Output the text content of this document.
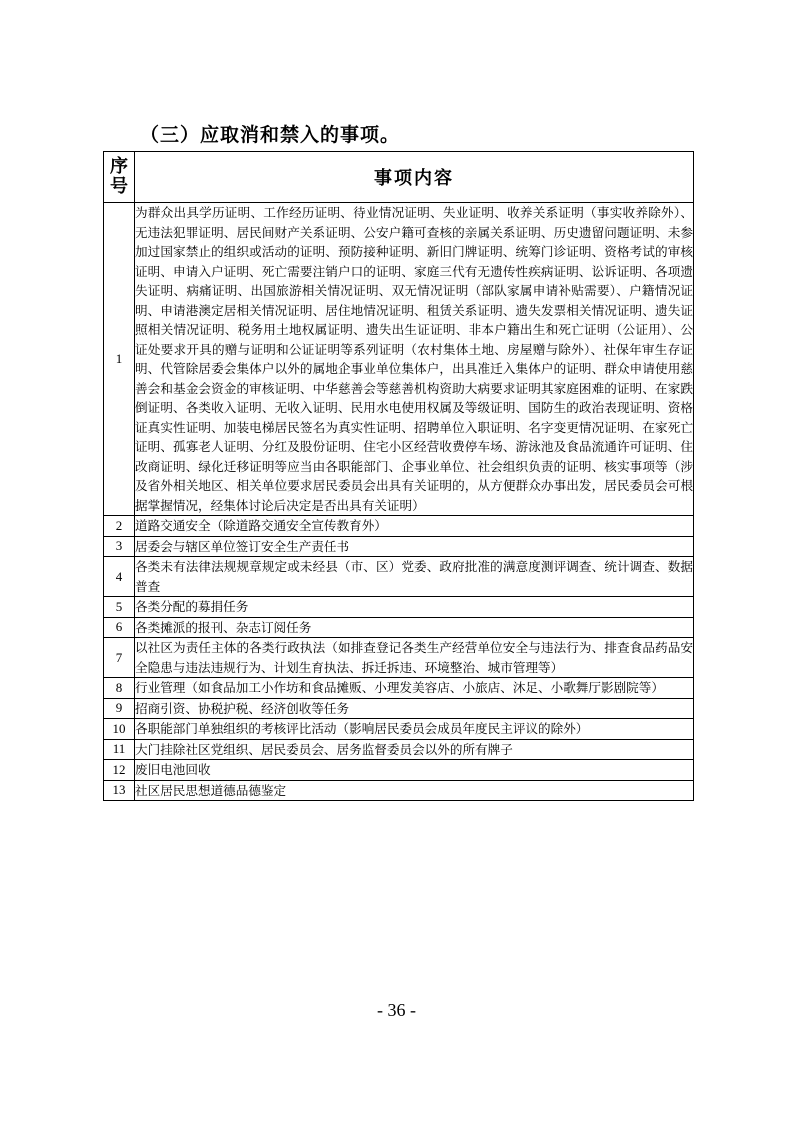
（三）应取消和禁入的事项。
序
号	事项内容
1	为群众出具学历证明、工作经历证明、待业情况证明、失业证明、收养关系证明（事实收养除外）、无违法犯罪证明、居民间财产关系证明、公安户籍可查核的亲属关系证明、历史遗留问题证明、未参加过国家禁止的组织或活动的证明、预防接种证明、新旧门牌证明、统筹门诊证明、资格考试的审核证明、申请入户证明、死亡需要注销户口的证明、家庭三代有无遗传性疾病证明、讼诉证明、各项遗失证明、病痛证明、出国旅游相关情况证明、双无情况证明（部队家属申请补贴需要）、户籍情况证明、申请港澳定居相关情况证明、居住地情况证明、租赁关系证明、遗失发票相关情况证明、遗失证照相关情况证明、税务用土地权属证明、遗失出生证证明、非本户籍出生和死亡证明（公证用）、公证处要求开具的赠与证明和公证证明等系列证明（农村集体土地、房屋赠与除外）、社保年审生存证明、代管除居委会集体户以外的属地企事业单位集体户，出具准迁入集体户的证明、群众申请使用慈善会和基金会资金的审核证明、中华慈善会等慈善机构资助大病要求证明其家庭困难的证明、在家跌倒证明、各类收入证明、无收入证明、民用水电使用权属及等级证明、国防生的政治表现证明、资格证真实性证明、加装电梯居民签名为真实性证明、招聘单位入职证明、名字变更情况证明、在家死亡证明、孤寡老人证明、分红及股份证明、住宅小区经营收费停车场、游泳池及食品流通许可证明、住改商证明、绿化迁移证明等应当由各职能部门、企事业单位、社会组织负责的证明、核实事项等（涉及省外相关地区、相关单位要求居民委员会出具有关证明的，从方便群众办事出发，居民委员会可根据掌握情况，经集体讨论后决定是否出具有关证明）
2	道路交通安全（除道路交通安全宣传教育外）
3	居委会与辖区单位签订安全生产责任书
4	各类未有法律法规规章规定或未经县（市、区）党委、政府批准的满意度测评调查、统计调查、数据普查
5	各类分配的募捐任务
6	各类摊派的报刊、杂志订阅任务
7	以社区为责任主体的各类行政执法（如排查登记各类生产经营单位安全与违法行为、排查食品药品安全隐患与违法违规行为、计划生育执法、拆迁拆违、环境整治、城市管理等）
8	行业管理（如食品加工小作坊和食品摊贩、小理发美容店、小旅店、沐足、小歌舞厅影剧院等）
9	招商引资、协税护税、经济创收等任务
10	各职能部门单独组织的考核评比活动（影响居民委员会成员年度民主评议的除外）
11	大门挂除社区党组织、居民委员会、居务监督委员会以外的所有牌子
12	废旧电池回收
13	社区居民思想道德品德鉴定
- 36 -
